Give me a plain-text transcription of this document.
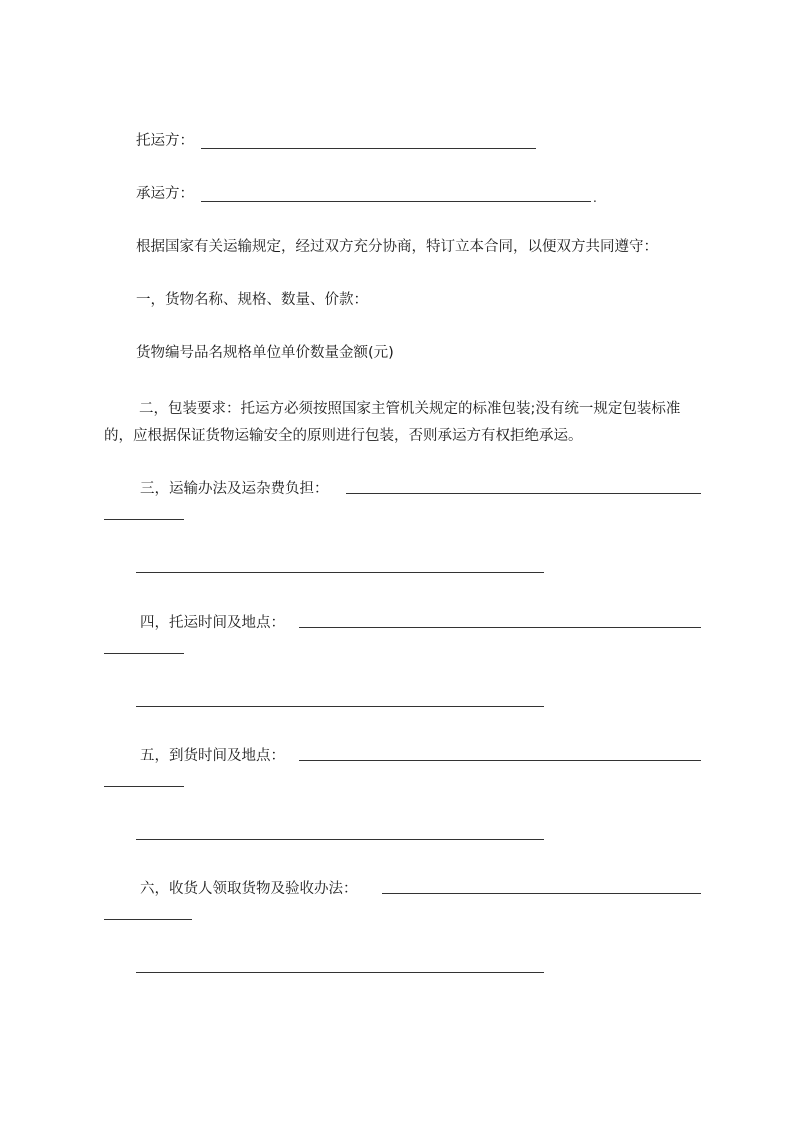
托运方：
承运方：	.
根据国家有关运输规定，经过双方充分协商，特订立本合同，以便双方共同遵守：
一，货物名称、规格、数量、价款：
货物编号品名规格单位单价数量金额(元)
二，包装要求：托运方必须按照国家主管机关规定的标准包装;没有统一规定包装标准的，应根据保证货物运输安全的原则进行包装，否则承运方有权拒绝承运。
三，运输办法及运杂费负担：
四，托运时间及地点：
五，到货时间及地点：
六，收货人领取货物及验收办法：
